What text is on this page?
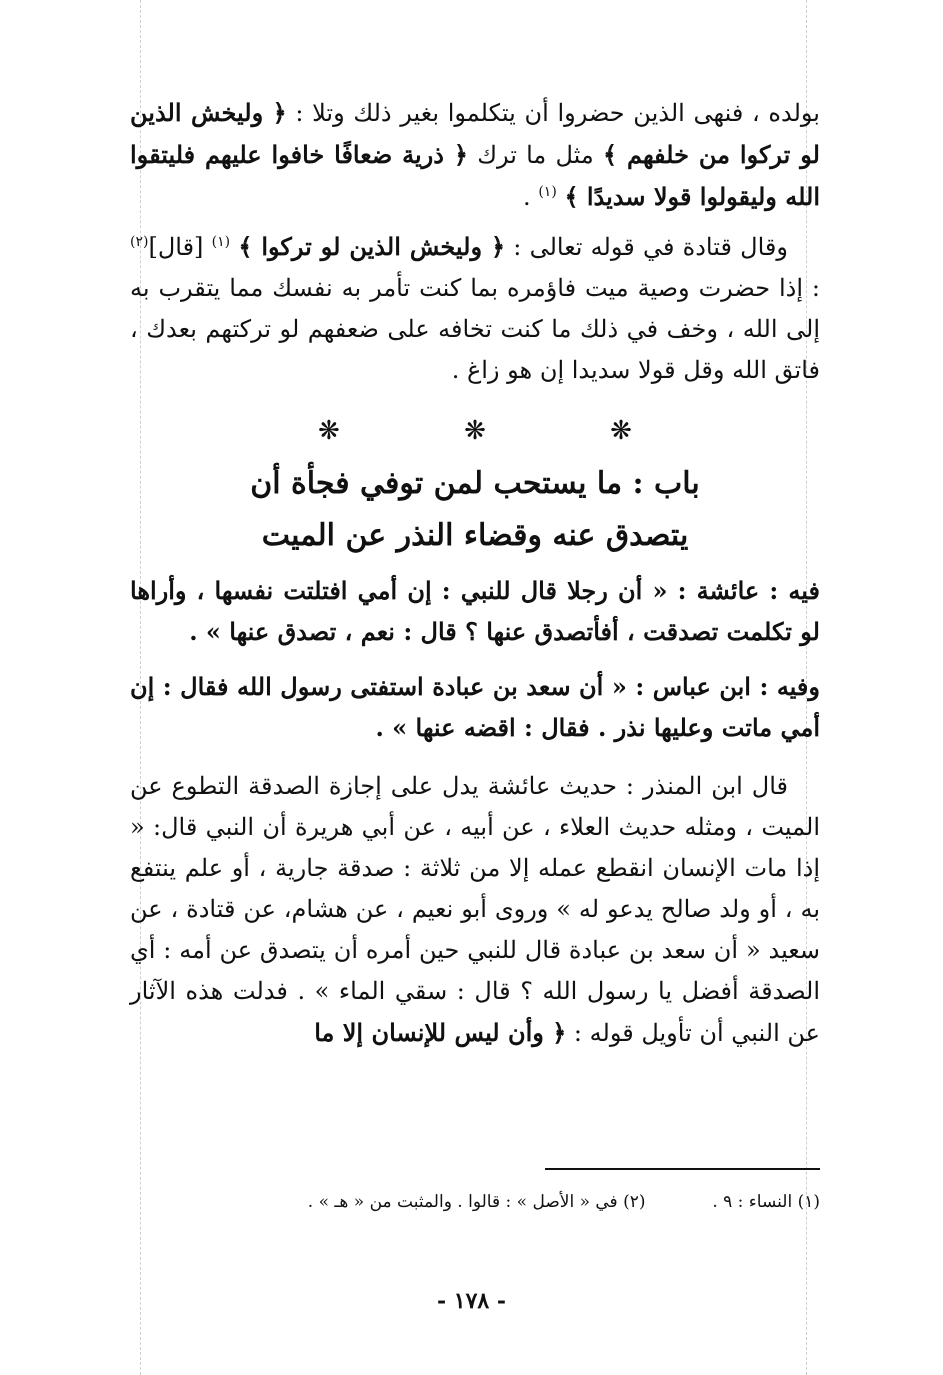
بولده ، فنهى الذين حضروا أن يتكلموا بغير ذلك وتلا : ﴿ وليخش الذين لو تركوا من خلفهم ﴾ مثل ما ترك ﴿ ذرية ضعافًا خافوا عليهم فليتقوا الله وليقولوا قولا سديدًا ﴾ $^{(١)}$ .

وقال قتادة في قوله تعالى : ﴿ وليخش الذين لو تركوا ﴾ $^{(١)}$ [قال]$^{(٢)}$ : إذا حضرت وصية ميت فاؤمره بما كنت تأمر به نفسك مما يتقرب به إلى الله ، وخف في ذلك ما كنت تخافه على ضعفهم لو تركتهم بعدك ، فاتق الله وقل قولا سديدا إن هو زاغ .

❋ ❋ ❋
باب : ما يستحب لمن توفي فجأة أن
يتصدق عنه وقضاء النذر عن الميت

فيه : عائشة : « أن رجلا قال للنبي : إن أمي افتلتت نفسها ، وأراها لو تكلمت تصدقت ، أفأتصدق عنها ؟ قال : نعم ، تصدق عنها » .

وفيه : ابن عباس : « أن سعد بن عبادة استفتى رسول الله فقال : إن أمي ماتت وعليها نذر . فقال : اقضه عنها » .

قال ابن المنذر : حديث عائشة يدل على إجازة الصدقة التطوع عن الميت ، ومثله حديث العلاء ، عن أبيه ، عن أبي هريرة أن النبي قال: « إذا مات الإنسان انقطع عمله إلا من ثلاثة : صدقة جارية ، أو علم ينتفع به ، أو ولد صالح يدعو له » وروى أبو نعيم ، عن هشام، عن قتادة ، عن سعيد « أن سعد بن عبادة قال للنبي حين أمره أن يتصدق عن أمه : أي الصدقة أفضل يا رسول الله ؟ قال : سقي الماء » . فدلت هذه الآثار عن النبي أن تأويل قوله : ﴿ وأن ليس للإنسان إلا ما

(١) النساء : ٩ .  (٢) في « الأصل » : قالوا . والمثبت من « هـ » .
- ١٧٨ -
